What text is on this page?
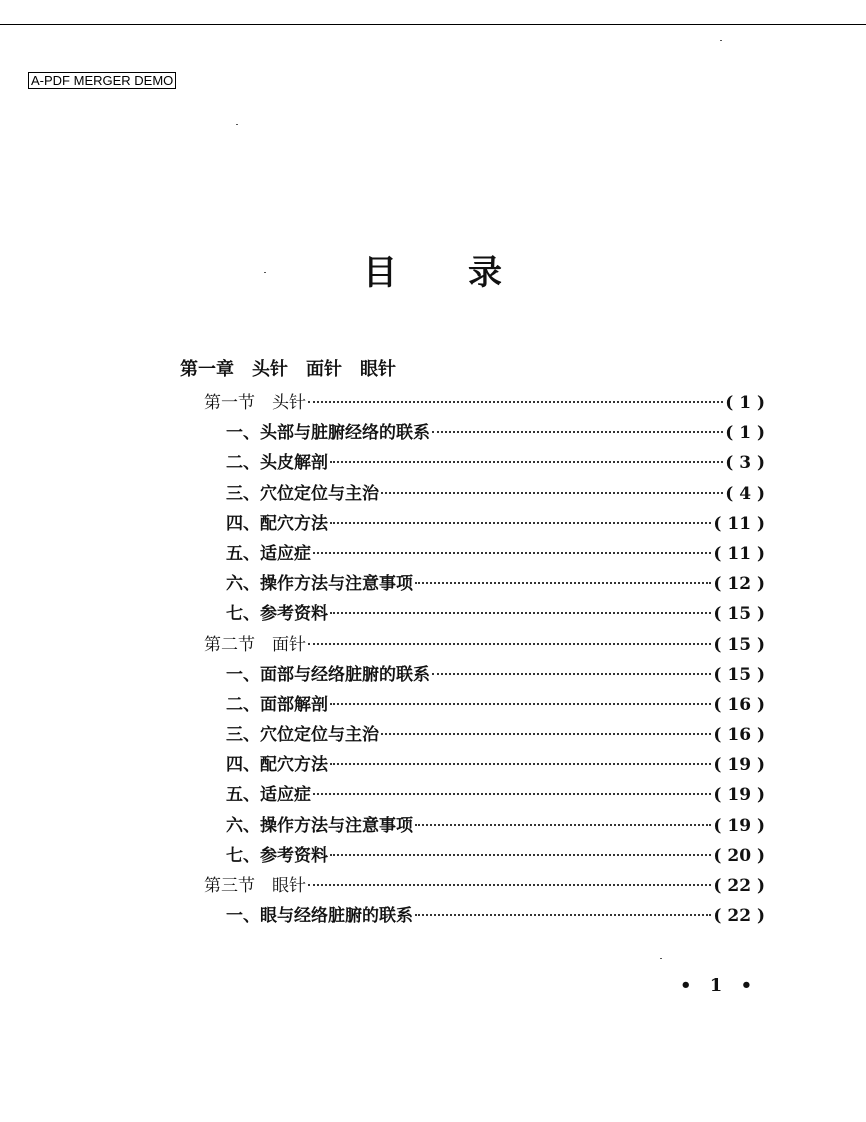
A-PDF MERGER DEMO
目　　录
第一章　头针　面针　眼针
第一节　头针	( 1 )
一、头部与脏腑经络的联系	( 1 )
二、头皮解剖	( 3 )
三、穴位定位与主治	( 4 )
四、配穴方法	( 11 )
五、适应症	( 11 )
六、操作方法与注意事项	( 12 )
七、参考资料	( 15 )
第二节　面针	( 15 )
一、面部与经络脏腑的联系	( 15 )
二、面部解剖	( 16 )
三、穴位定位与主治	( 16 )
四、配穴方法	( 19 )
五、适应症	( 19 )
六、操作方法与注意事项	( 19 )
七、参考资料	( 20 )
第三节　眼针	( 22 )
一、眼与经络脏腑的联系	( 22 )
• 1 •
